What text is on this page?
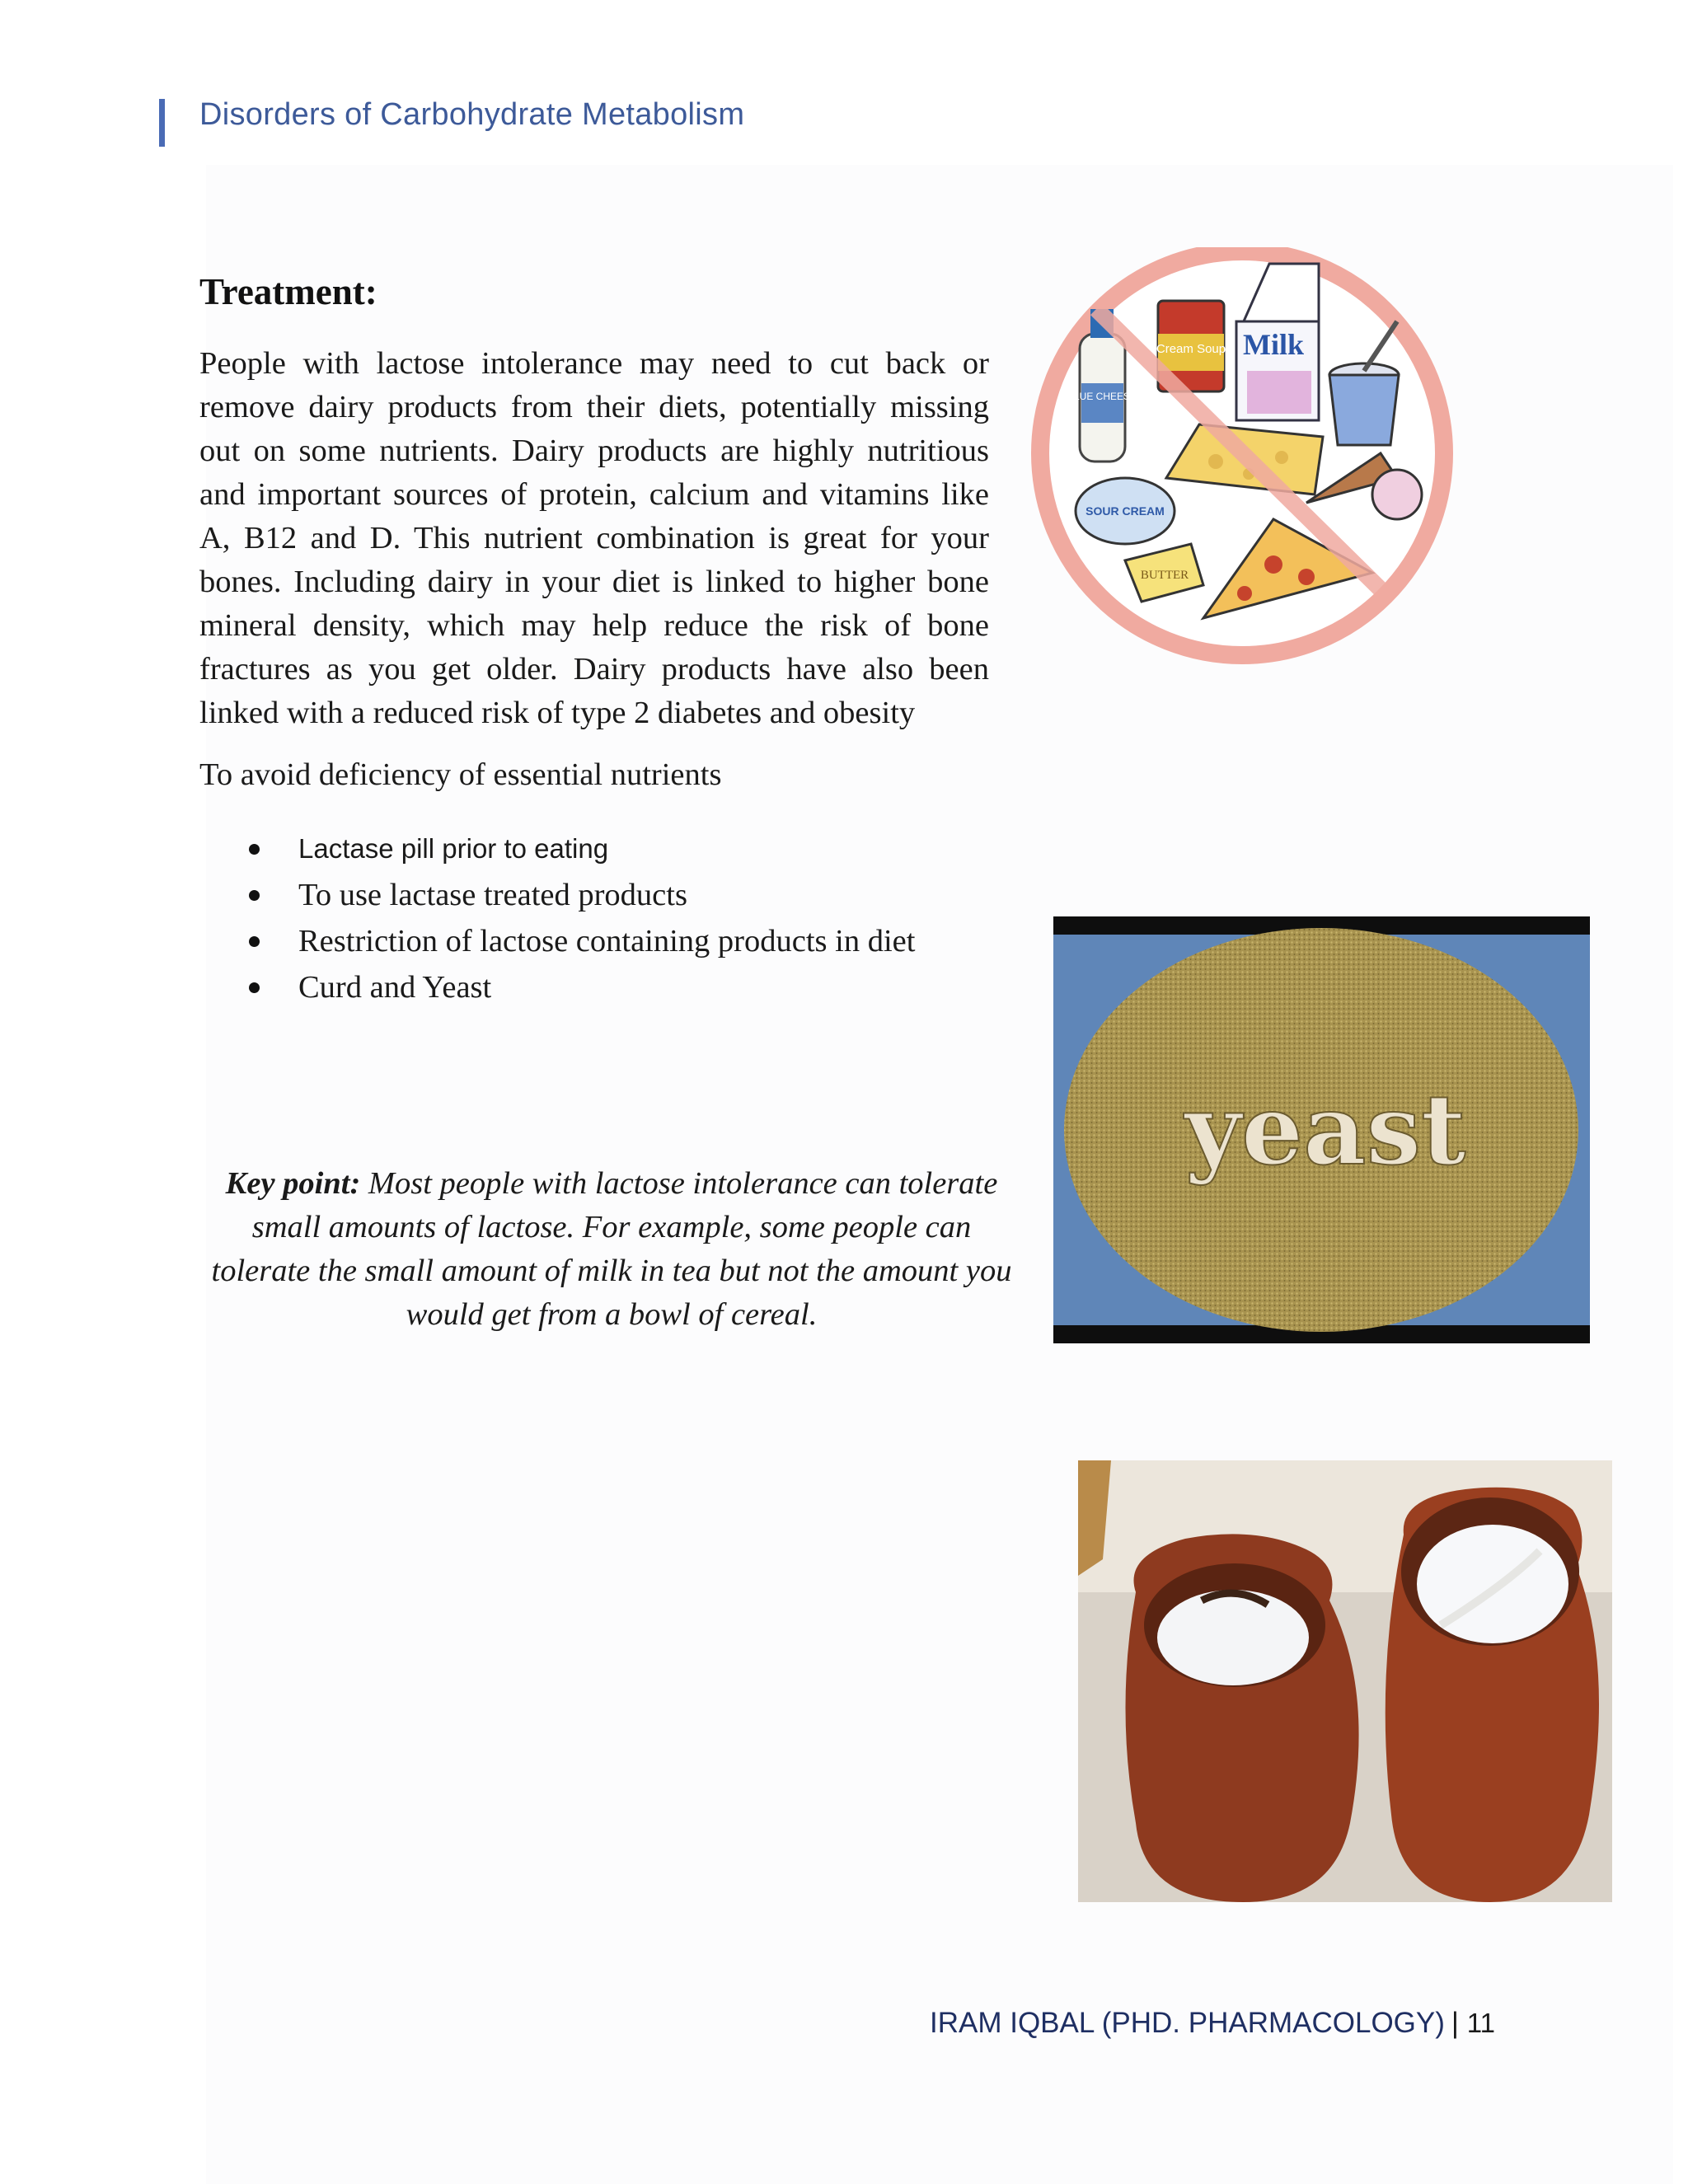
Disorders of Carbohydrate Metabolism
Treatment:

People with lactose intolerance may need to cut back or remove dairy products from their diets, potentially missing out on some nutrients. Dairy products are highly nutritious and important sources of protein, calcium and vitamins like A, B12 and D. This nutrient combination is great for your bones. Including dairy in your diet is linked to higher bone mineral density, which may help reduce the risk of bone fractures as you get older. Dairy products have also been linked with a reduced risk of type 2 diabetes and obesity

To avoid deficiency of essential nutrients

Lactase pill prior to eating
To use lactase treated products
Restriction of lactose containing products in diet
Curd and Yeast

Key point: Most people with lactose intolerance can tolerate small amounts of lactose. For example, some people can tolerate the small amount of milk in tea but not the amount you would get from a bowl of cereal.

Milk
Cream Soup
BLUE CHEESE
SOUR CREAM
BUTTER
yeast
IRAM IQBAL (PHD. PHARMACOLOGY) | 11
